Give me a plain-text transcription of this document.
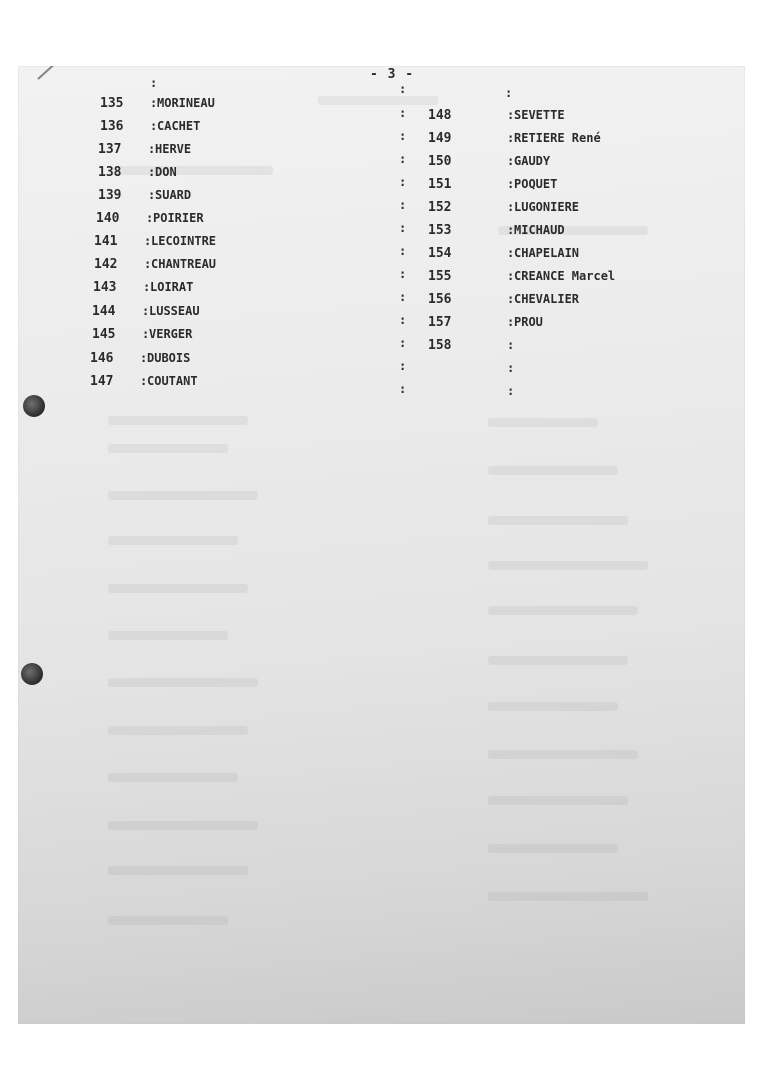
- 3 -
:
135 : MORINEAU
136 : CACHET
137 : HERVE
138 : DON
139 : SUARD
140 : POIRIER
141 : LECOINTRE
142 : CHANTREAU
143 : LOIRAT
144 : LUSSEAU
145 : VERGER
146 : DUBOIS
147 : COUTANT
:
:
:
:
:
:
:
:
:
:
:
:
:
:
:
148	: SEVETTE
149	: RETIERE René
150	: GAUDY
151	: POQUET
152	: LUGONIERE
153	: MICHAUD
154	: CHAPELAIN
155	: CREANCE Marcel
156	: CHEVALIER
157	: PROU
158	:
:
:
